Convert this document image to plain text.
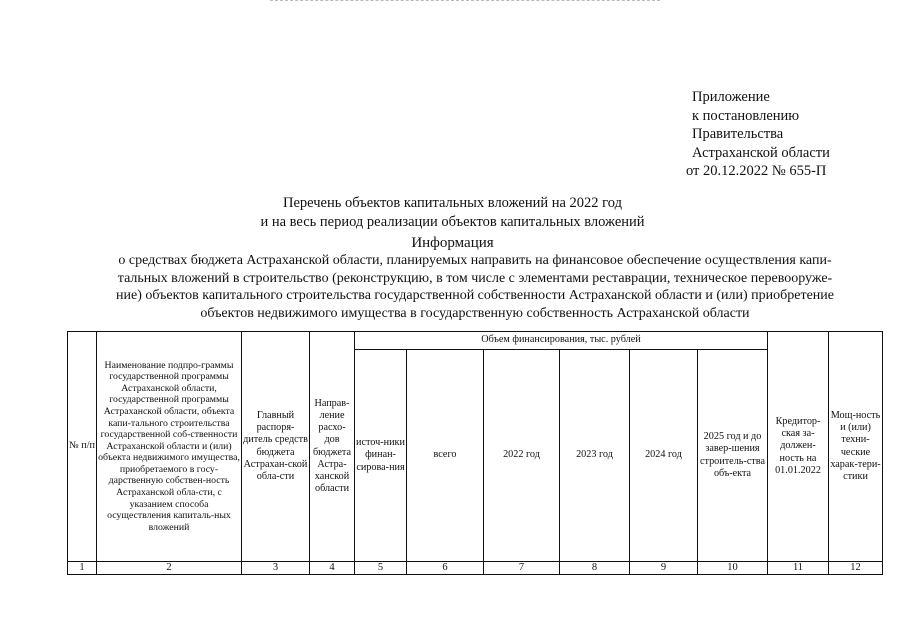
Приложение
к постановлению
Правительства
Астраханской области
от 20.12.2022 № 655-П
Перечень объектов капитальных вложений на 2022 год
и на весь период реализации объектов капитальных вложений
Информация
о средствах бюджета Астраханской области, планируемых направить на финансовое обеспечение осуществления капи-
тальных вложений в строительство (реконструкцию, в том числе с элементами реставрации, техническое перевооруже-
ние) объектов капитального строительства государственной собственности Астраханской области и (или) приобретение
объектов недвижимого имущества в государственную собственность Астраханской области
№ п/п	Наименование подпро-граммы государственной программы Астраханской области, государственной программы Астраханской области, объекта капи-тального строительства государственной соб-ственности Астраханской области и (или) объекта недвижимого имущества, приобретаемого в госу-дарственную собствен-ность Астраханской обла-сти, с указанием способа осуществления капиталь-ных вложений	Главный распоря-дитель средств бюджета Астрахан-ской обла-сти	Направ-ление расхо-дов бюджета Астра-ханской области	Объем финансирования, тыс. рублей						Кредитор-ская за-должен-ность на 01.01.2022	Мощ-ность и (или) техни-ческие харак-тери-стики
				источ-ники финан-сирова-ния	всего	2022 год	2023 год	2024 год	2025 год и до завер-шения строитель-ства объ-екта		
1	2	3	4	5	6	7	8	9	10	11	12
